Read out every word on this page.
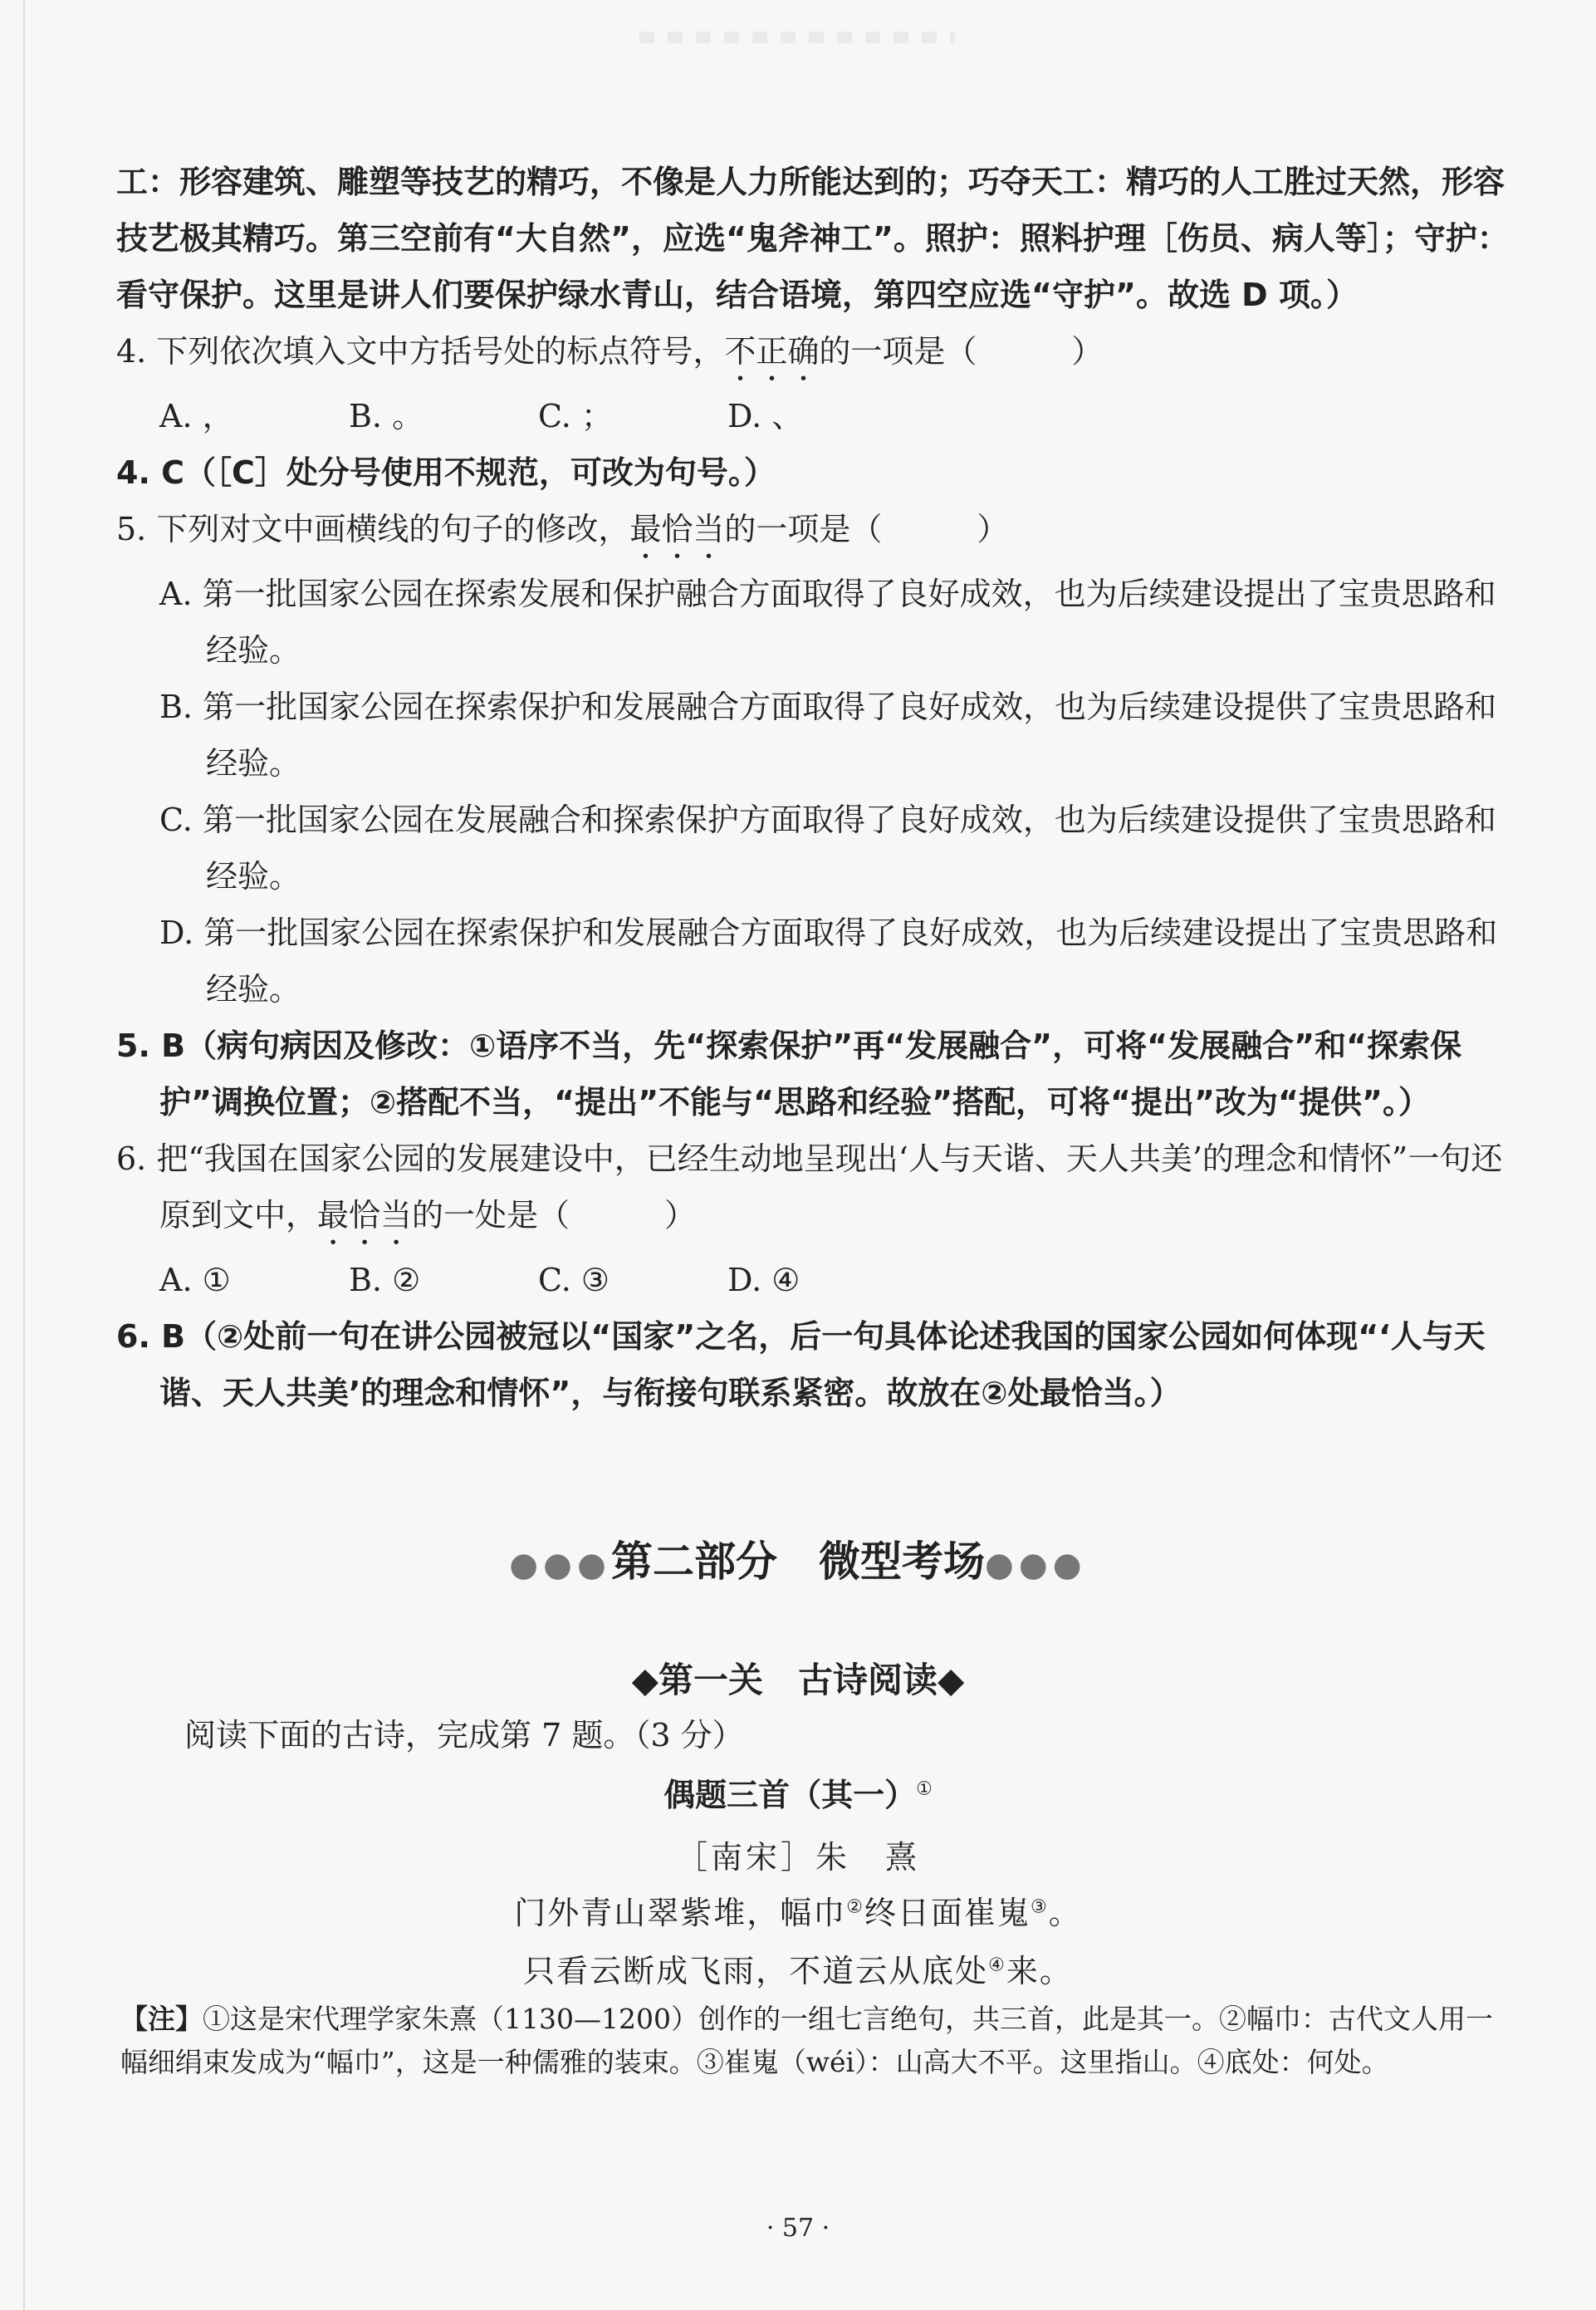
工：形容建筑、雕塑等技艺的精巧，不像是人力所能达到的；巧夺天工：精巧的人工胜过天然，形容技艺极其精巧。第三空前有“大自然”，应选“鬼斧神工”。照护：照料护理［伤员、病人等］；守护：看守保护。这里是讲人们要保护绿水青山，结合语境，第四空应选“守护”。故选 D 项。）

4. 下列依次填入文中方括号处的标点符号，不正确的一项是（　　　）

A. ，	B. 。	C. ；	D. 、

4. C（［C］处分号使用不规范，可改为句号。）

5. 下列对文中画横线的句子的修改，最恰当的一项是（　　　）

A. 第一批国家公园在探索发展和保护融合方面取得了良好成效，也为后续建设提出了宝贵思路和经验。

B. 第一批国家公园在探索保护和发展融合方面取得了良好成效，也为后续建设提供了宝贵思路和经验。

C. 第一批国家公园在发展融合和探索保护方面取得了良好成效，也为后续建设提供了宝贵思路和经验。

D. 第一批国家公园在探索保护和发展融合方面取得了良好成效，也为后续建设提出了宝贵思路和经验。

5. B（病句病因及修改：①语序不当，先“探索保护”再“发展融合”，可将“发展融合”和“探索保护”调换位置；②搭配不当，“提出”不能与“思路和经验”搭配，可将“提出”改为“提供”。）

6. 把“我国在国家公园的发展建设中，已经生动地呈现出‘人与天谐、天人共美’的理念和情怀”一句还原到文中，最恰当的一处是（　　　）

A. ①	B. ②	C. ③	D. ④

6. B（②处前一句在讲公园被冠以“国家”之名，后一句具体论述我国的国家公园如何体现“‘人与天谐、天人共美’的理念和情怀”，与衔接句联系紧密。故放在②处最恰当。）

●●●第二部分　微型考场●●●
◆第一关　古诗阅读◆
阅读下面的古诗，完成第 7 题。（3 分）
偶题三首（其一）①
［南宋］朱　熹
门外青山翠紫堆，幅巾②终日面崔嵬③。
只看云断成飞雨，不道云从底处④来。
【注】①这是宋代理学家朱熹（1130—1200）创作的一组七言绝句，共三首，此是其一。②幅巾：古代文人用一幅细绢束发成为“幅巾”，这是一种儒雅的装束。③崔嵬（wéi）：山高大不平。这里指山。④底处：何处。
· 57 ·
